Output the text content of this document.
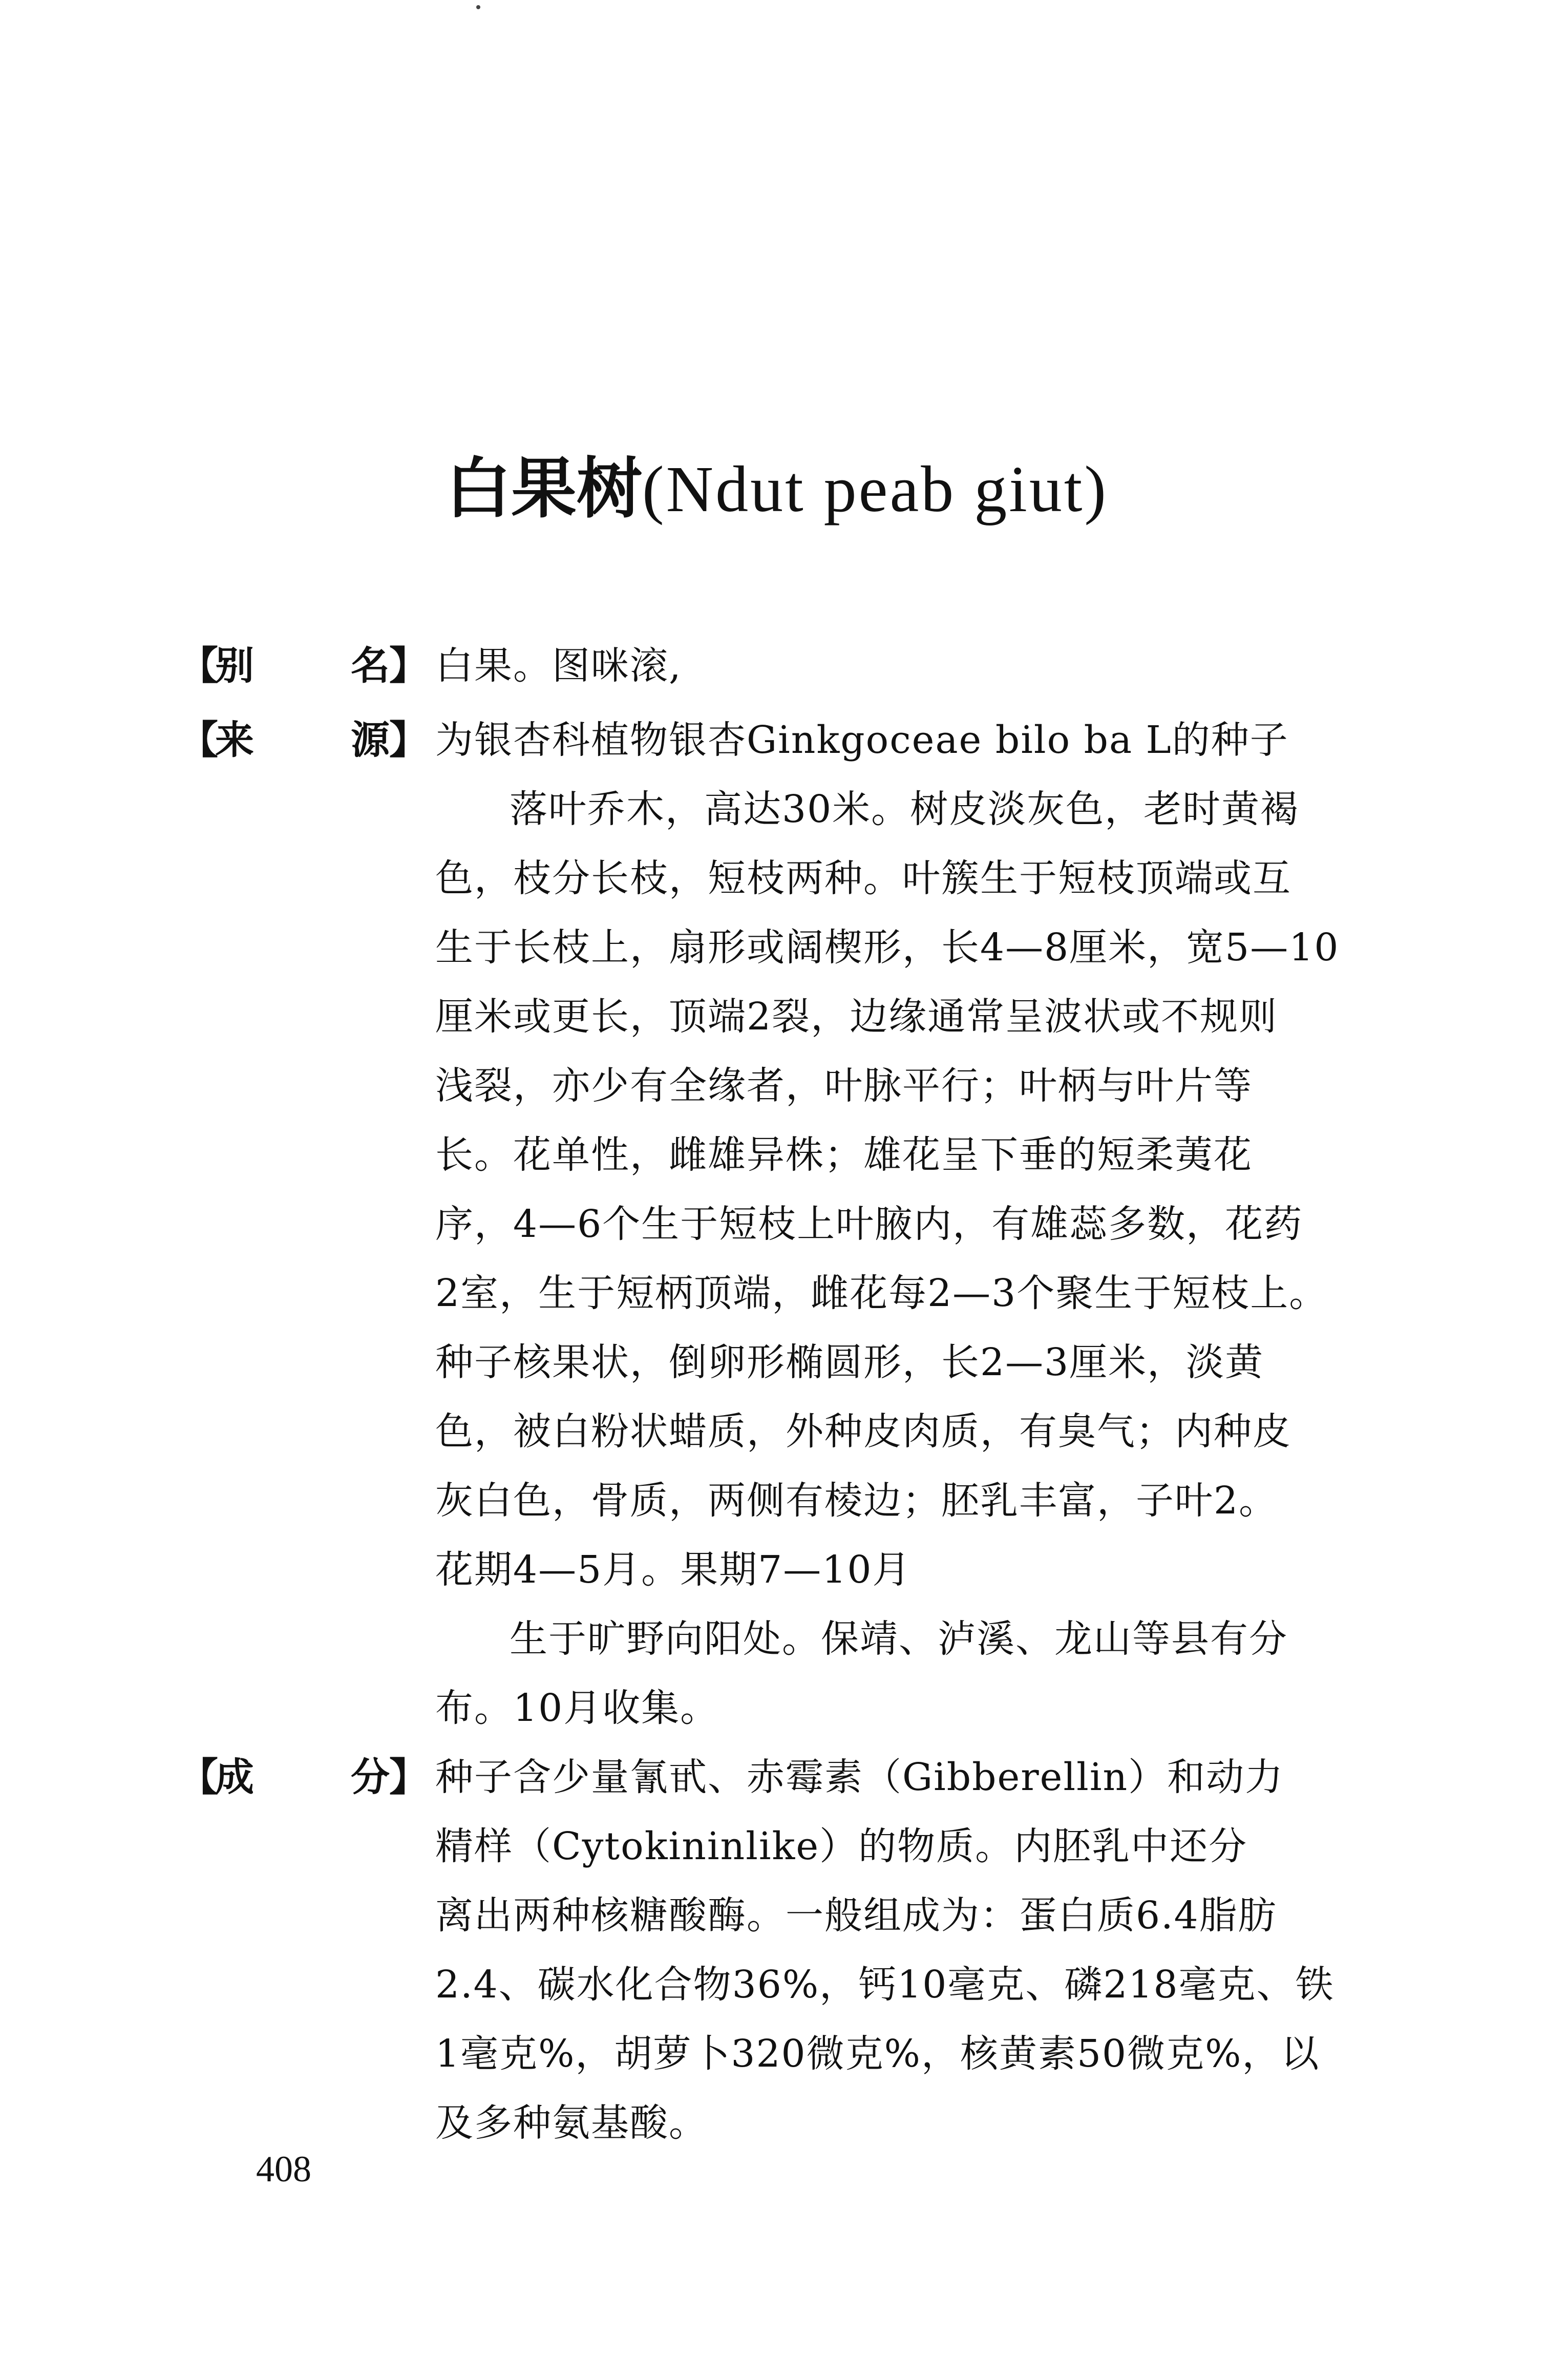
白果树(Ndut peab giut)
【
别 名 】 白果。图咪滚,
【
来 源 】 为银杏科植物银杏Ginkgoceae bilo ba L的种子
落叶乔木，高达30米。树皮淡灰色，老时黄褐
色，枝分长枝，短枝两种。叶簇生于短枝顶端或互
生于长枝上，扇形或阔楔形，长4—8厘米，宽5—10
厘米或更长，顶端2裂，边缘通常呈波状或不规则
浅裂，亦少有全缘者，叶脉平行；叶柄与叶片等
长。花单性，雌雄异株；雄花呈下垂的短柔荑花
序，4—6个生于短枝上叶腋内，有雄蕊多数，花药
2室，生于短柄顶端，雌花每2—3个聚生于短枝上。
种子核果状，倒卵形椭圆形，长2—3厘米，淡黄
色，被白粉状蜡质，外种皮肉质，有臭气；内种皮
灰白色，骨质，两侧有棱边；胚乳丰富，子叶2。
花期4—5月。果期7—10月
生于旷野向阳处。保靖、泸溪、龙山等县有分
布。10月收集。
【
成 分 】 种子含少量氰甙、赤霉素（Gibberellin）和动力
精样（Cytokininlike）的物质。内胚乳中还分
离出两种核糖酸酶。一般组成为：蛋白质6.4脂肪
2.4、碳水化合物36%，钙10毫克、磷218毫克、铁
1毫克%，胡萝卜320微克%，核黄素50微克%，以
及多种氨基酸。
408
